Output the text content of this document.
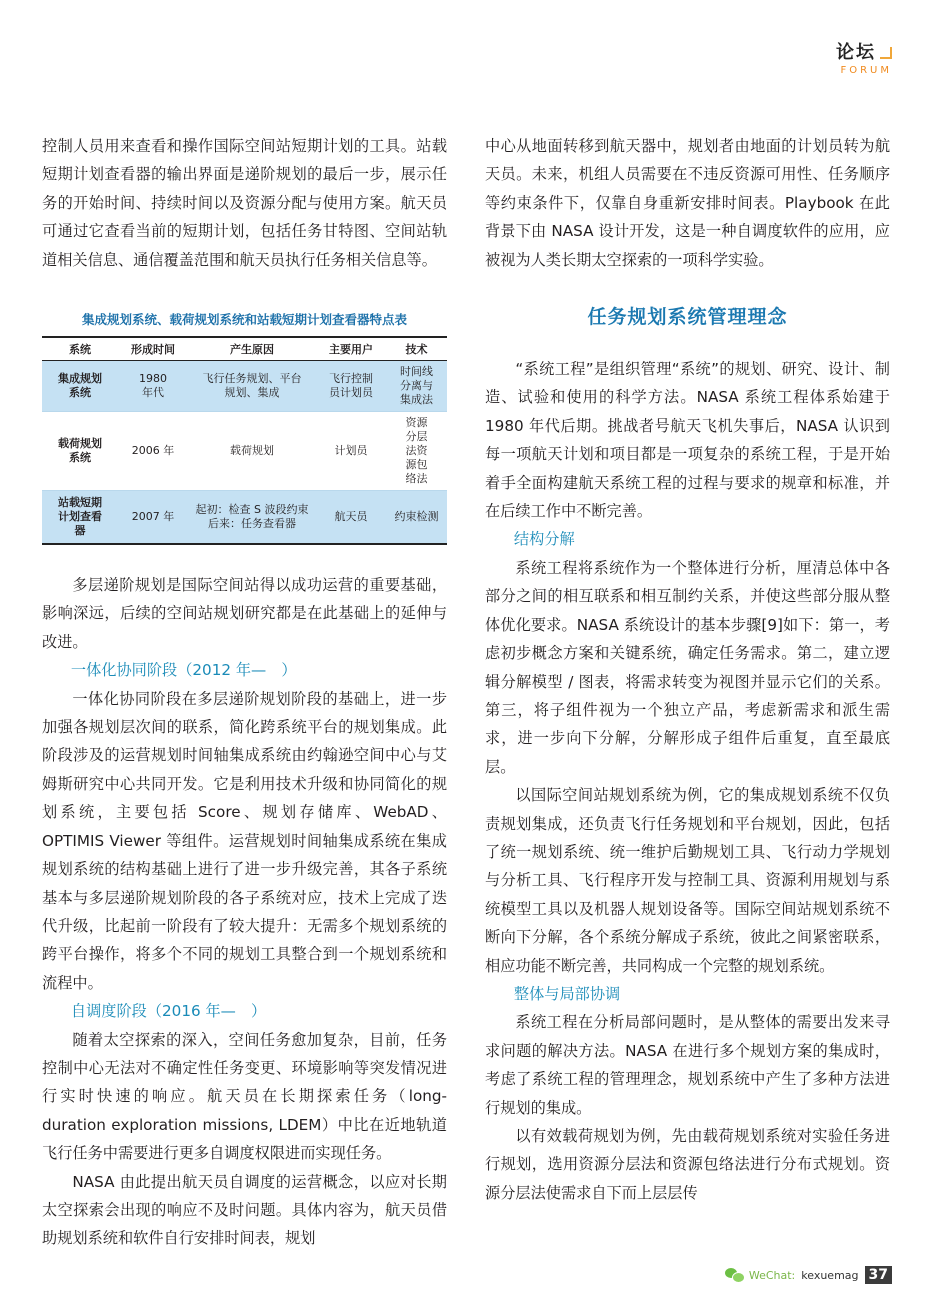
论坛
FORUM

控制人员用来查看和操作国际空间站短期计划的工具。站载短期计划查看器的输出界面是递阶规划的最后一步，展示任务的开始时间、持续时间以及资源分配与使用方案。航天员可通过它查看当前的短期计划，包括任务甘特图、空间站轨道相关信息、通信覆盖范围和航天员执行任务相关信息等。

集成规划系统、载荷规划系统和站载短期计划查看器特点表
系统	形成时间	产生原因	主要用户	技术
集成规划系统	1980年代	飞行任务规划、平台规划、集成	飞行控制员计划员	时间线分离与集成法
载荷规划系统	2006 年	载荷规划	计划员	资源分层法资源包络法
站载短期计划查看器	2007 年	起初：检查 S 波段约束后来：任务查看器	航天员	约束检测

多层递阶规划是国际空间站得以成功运营的重要基础，影响深远，后续的空间站规划研究都是在此基础上的延伸与改进。

一体化协同阶段（2012 年—　）

一体化协同阶段在多层递阶规划阶段的基础上，进一步加强各规划层次间的联系，简化跨系统平台的规划集成。此阶段涉及的运营规划时间轴集成系统由约翰逊空间中心与艾姆斯研究中心共同开发。它是利用技术升级和协同简化的规划系统，主要包括 Score、规划存储库、WebAD、OPTIMIS Viewer 等组件。运营规划时间轴集成系统在集成规划系统的结构基础上进行了进一步升级完善，其各子系统基本与多层递阶规划阶段的各子系统对应，技术上完成了迭代升级，比起前一阶段有了较大提升：无需多个规划系统的跨平台操作，将多个不同的规划工具整合到一个规划系统和流程中。

自调度阶段（2016 年—　）

随着太空探索的深入，空间任务愈加复杂，目前，任务控制中心无法对不确定性任务变更、环境影响等突发情况进行实时快速的响应。航天员在长期探索任务（long-duration exploration missions, LDEM）中比在近地轨道飞行任务中需要进行更多自调度权限进而实现任务。

NASA 由此提出航天员自调度的运营概念，以应对长期太空探索会出现的响应不及时问题。具体内容为，航天员借助规划系统和软件自行安排时间表，规划

中心从地面转移到航天器中，规划者由地面的计划员转为航天员。未来，机组人员需要在不违反资源可用性、任务顺序等约束条件下，仅靠自身重新安排时间表。Playbook 在此背景下由 NASA 设计开发，这是一种自调度软件的应用，应被视为人类长期太空探索的一项科学实验。

任务规划系统管理理念

“系统工程”是组织管理“系统”的规划、研究、设计、制造、试验和使用的科学方法。NASA 系统工程体系始建于 1980 年代后期。挑战者号航天飞机失事后，NASA 认识到每一项航天计划和项目都是一项复杂的系统工程，于是开始着手全面构建航天系统工程的过程与要求的规章和标准，并在后续工作中不断完善。

结构分解

系统工程将系统作为一个整体进行分析，厘清总体中各部分之间的相互联系和相互制约关系，并使这些部分服从整体优化要求。NASA 系统设计的基本步骤[9]如下：第一，考虑初步概念方案和关键系统，确定任务需求。第二，建立逻辑分解模型 / 图表，将需求转变为视图并显示它们的关系。第三，将子组件视为一个独立产品，考虑新需求和派生需求，进一步向下分解，分解形成子组件后重复，直至最底层。

以国际空间站规划系统为例，它的集成规划系统不仅负责规划集成，还负责飞行任务规划和平台规划，因此，包括了统一规划系统、统一维护后勤规划工具、飞行动力学规划与分析工具、飞行程序开发与控制工具、资源利用规划与系统模型工具以及机器人规划设备等。国际空间站规划系统不断向下分解，各个系统分解成子系统，彼此之间紧密联系，相应功能不断完善，共同构成一个完整的规划系统。

整体与局部协调

系统工程在分析局部问题时，是从整体的需要出发来寻求问题的解决方法。NASA 在进行多个规划方案的集成时，考虑了系统工程的管理理念，规划系统中产生了多种方法进行规划的集成。

以有效载荷规划为例，先由载荷规划系统对实验任务进行规划，选用资源分层法和资源包络法进行分布式规划。资源分层法使需求自下而上层层传

WeChat: kexuemag 37
